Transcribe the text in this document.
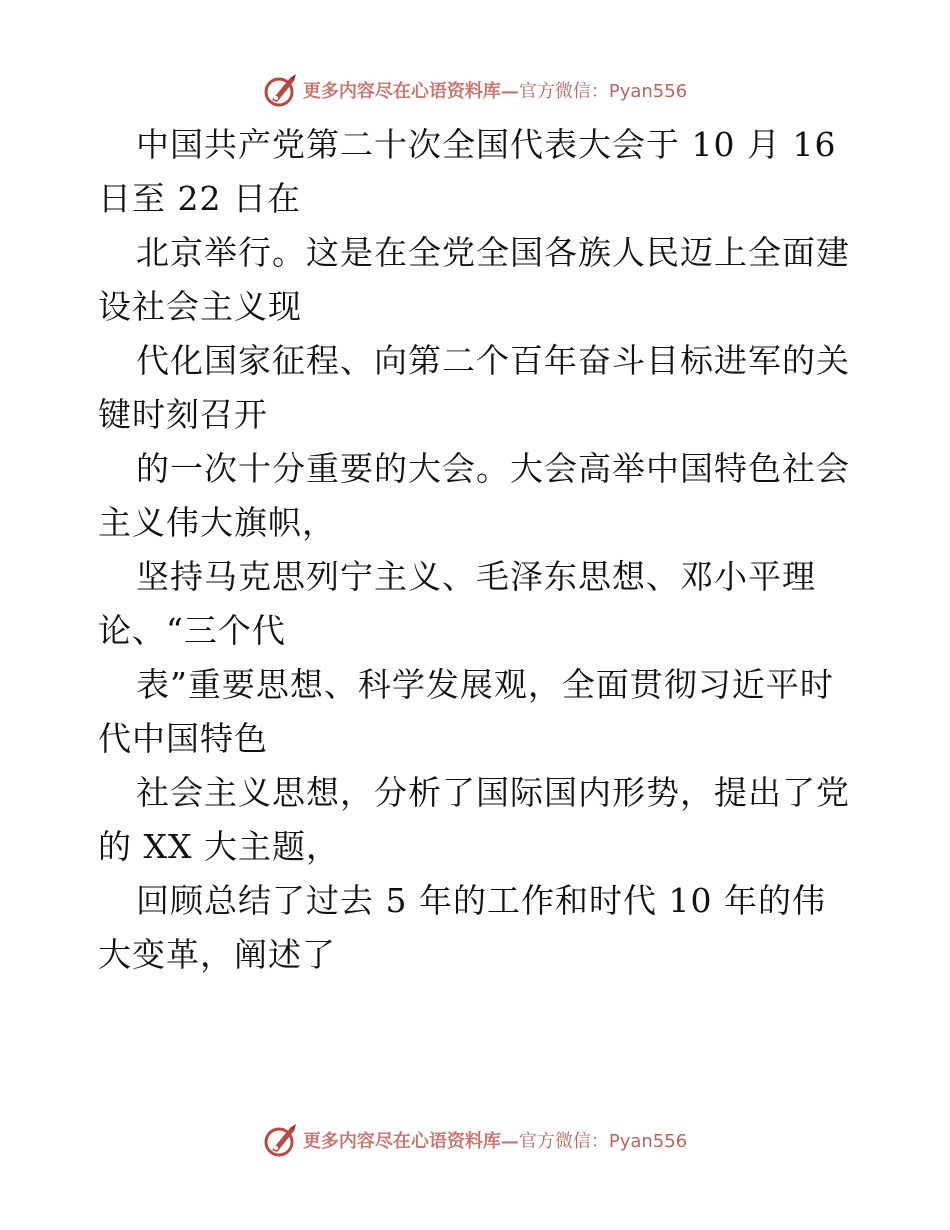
更多内容尽在心语资料库—官方微信：Pyan556

中国共产党第二十次全国代表大会于 10 月 16
日至 22 日在

北京举行。这是在全党全国各族人民迈上全面建
设社会主义现

代化国家征程、向第二个百年奋斗目标进军的关
键时刻召开

的一次十分重要的大会。大会高举中国特色社会
主义伟大旗帜，

坚持马克思列宁主义、毛泽东思想、邓小平理
论、“三个代

表”重要思想、科学发展观，全面贯彻习近平时
代中国特色

社会主义思想，分析了国际国内形势，提出了党
的 XX 大主题，

回顾总结了过去 5 年的工作和时代 10 年的伟
大变革，阐述了

更多内容尽在心语资料库—官方微信：Pyan556
